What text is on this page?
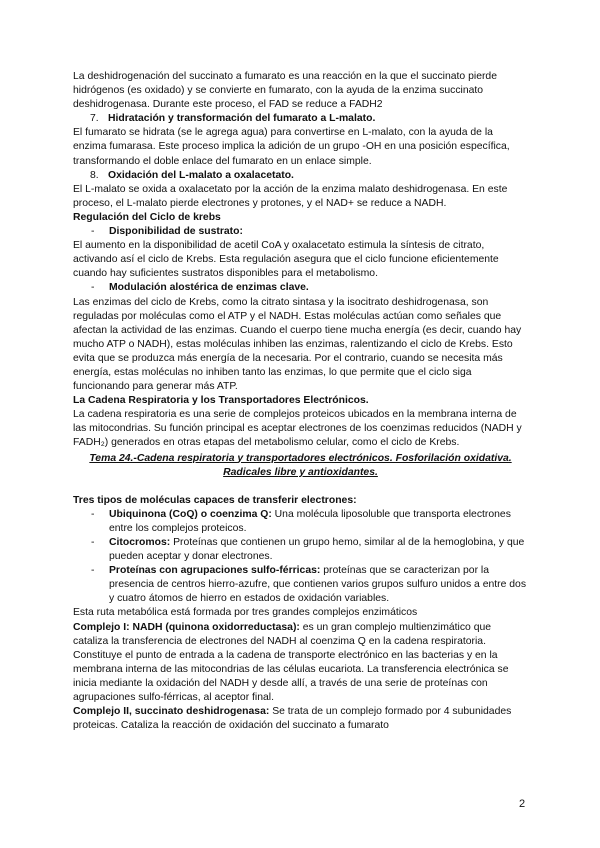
La deshidrogenación del succinato a fumarato es una reacción en la que el succinato pierde hidrógenos (es oxidado) y se convierte en fumarato, con la ayuda de la enzima succinato deshidrogenasa. Durante este proceso, el FAD se reduce a FADH2

7. Hidratación y transformación del fumarato a L-malato.

El fumarato se hidrata (se le agrega agua) para convertirse en L-malato, con la ayuda de la enzima fumarasa. Este proceso implica la adición de un grupo -OH en una posición específica, transformando el doble enlace del fumarato en un enlace simple.

8. Oxidación del L-malato a oxalacetato.

El L-malato se oxida a oxalacetato por la acción de la enzima malato deshidrogenasa. En este proceso, el L-malato pierde electrones y protones, y el NAD+ se reduce a NADH.

Regulación del Ciclo de krebs

- Disponibilidad de sustrato:

El aumento en la disponibilidad de acetil CoA y oxalacetato estimula la síntesis de citrato, activando así el ciclo de Krebs. Esta regulación asegura que el ciclo funcione eficientemente cuando hay suficientes sustratos disponibles para el metabolismo.

- Modulación alostérica de enzimas clave.

Las enzimas del ciclo de Krebs, como la citrato sintasa y la isocitrato deshidrogenasa, son reguladas por moléculas como el ATP y el NADH. Estas moléculas actúan como señales que afectan la actividad de las enzimas. Cuando el cuerpo tiene mucha energía (es decir, cuando hay mucho ATP o NADH), estas moléculas inhiben las enzimas, ralentizando el ciclo de Krebs. Esto evita que se produzca más energía de la necesaria. Por el contrario, cuando se necesita más energía, estas moléculas no inhiben tanto las enzimas, lo que permite que el ciclo siga funcionando para generar más ATP.

La Cadena Respiratoria y los Transportadores Electrónicos.

La cadena respiratoria es una serie de complejos proteicos ubicados en la membrana interna de las mitocondrias. Su función principal es aceptar electrones de los coenzimas reducidos (NADH y FADH₂) generados en otras etapas del metabolismo celular, como el ciclo de Krebs.

Tema 24.-Cadena respiratoria y transportadores electrónicos. Fosforilación oxidativa. Radicales libre y antioxidantes.

Tres tipos de moléculas capaces de transferir electrones:

- Ubiquinona (CoQ) o coenzima Q: Una molécula liposoluble que transporta electrones entre los complejos proteicos.

- Citocromos: Proteínas que contienen un grupo hemo, similar al de la hemoglobina, y que pueden aceptar y donar electrones.

- Proteínas con agrupaciones sulfo-férricas: proteínas que se caracterizan por la presencia de centros hierro-azufre, que contienen varios grupos sulfuro unidos a entre dos y cuatro átomos de hierro en estados de oxidación variables.

Esta ruta metabólica está formada por tres grandes complejos enzimáticos

Complejo I: NADH (quinona oxidorreductasa): es un gran complejo multienzimático que cataliza la transferencia de electrones del NADH al coenzima Q en la cadena respiratoria. Constituye el punto de entrada a la cadena de transporte electrónico en las bacterias y en la membrana interna de las mitocondrias de las células eucariota. La transferencia electrónica se inicia mediante la oxidación del NADH y desde allí, a través de una serie de proteínas con agrupaciones sulfo-férricas, al aceptor final.

Complejo II, succinato deshidrogenasa: Se trata de un complejo formado por 4 subunidades proteicas. Cataliza la reacción de oxidación del succinato a fumarato

2
